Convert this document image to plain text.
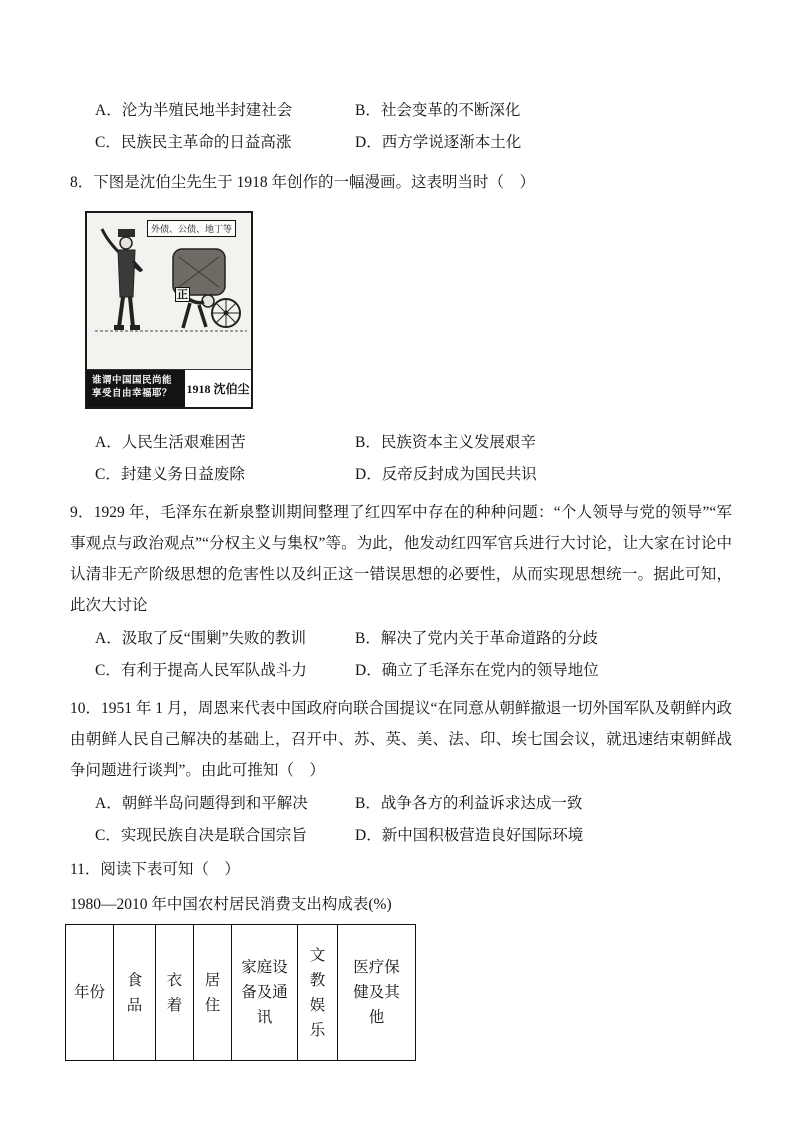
A．沦为半殖民地半封建社会	B．社会变革的不断深化
C．民族民主革命的日益高涨	D．西方学说逐渐本土化
8．下图是沈伯尘先生于 1918 年创作的一幅漫画。这表明当时（　）
外债、公债、地丁等
正
谁谓中国国民尚能
享受自由幸福耶？	1918 沈伯尘
A．人民生活艰难困苦	B．民族资本主义发展艰辛
C．封建义务日益废除	D．反帝反封成为国民共识
9．1929 年，毛泽东在新泉整训期间整理了红四军中存在的种种问题：“个人领导与党的领导”“军事观点与政治观点”“分权主义与集权”等。为此，他发动红四军官兵进行大讨论，让大家在讨论中认清非无产阶级思想的危害性以及纠正这一错误思想的必要性，从而实现思想统一。据此可知，此次大讨论
A．汲取了反“围剿”失败的教训	B．解决了党内关于革命道路的分歧
C．有利于提高人民军队战斗力	D．确立了毛泽东在党内的领导地位
10．1951 年 1 月，周恩来代表中国政府向联合国提议“在同意从朝鲜撤退一切外国军队及朝鲜内政由朝鲜人民自己解决的基础上，召开中、苏、英、美、法、印、埃七国会议，就迅速结束朝鲜战争问题进行谈判”。由此可推知（　）
A．朝鲜半岛问题得到和平解决	B．战争各方的利益诉求达成一致
C．实现民族自决是联合国宗旨	D．新中国积极营造良好国际环境
11．阅读下表可知（　）
1980—2010 年中国农村居民消费支出构成表(%)
年份	食品	衣着	居住	家庭设备及通讯	文教娱乐	医疗保健及其他
